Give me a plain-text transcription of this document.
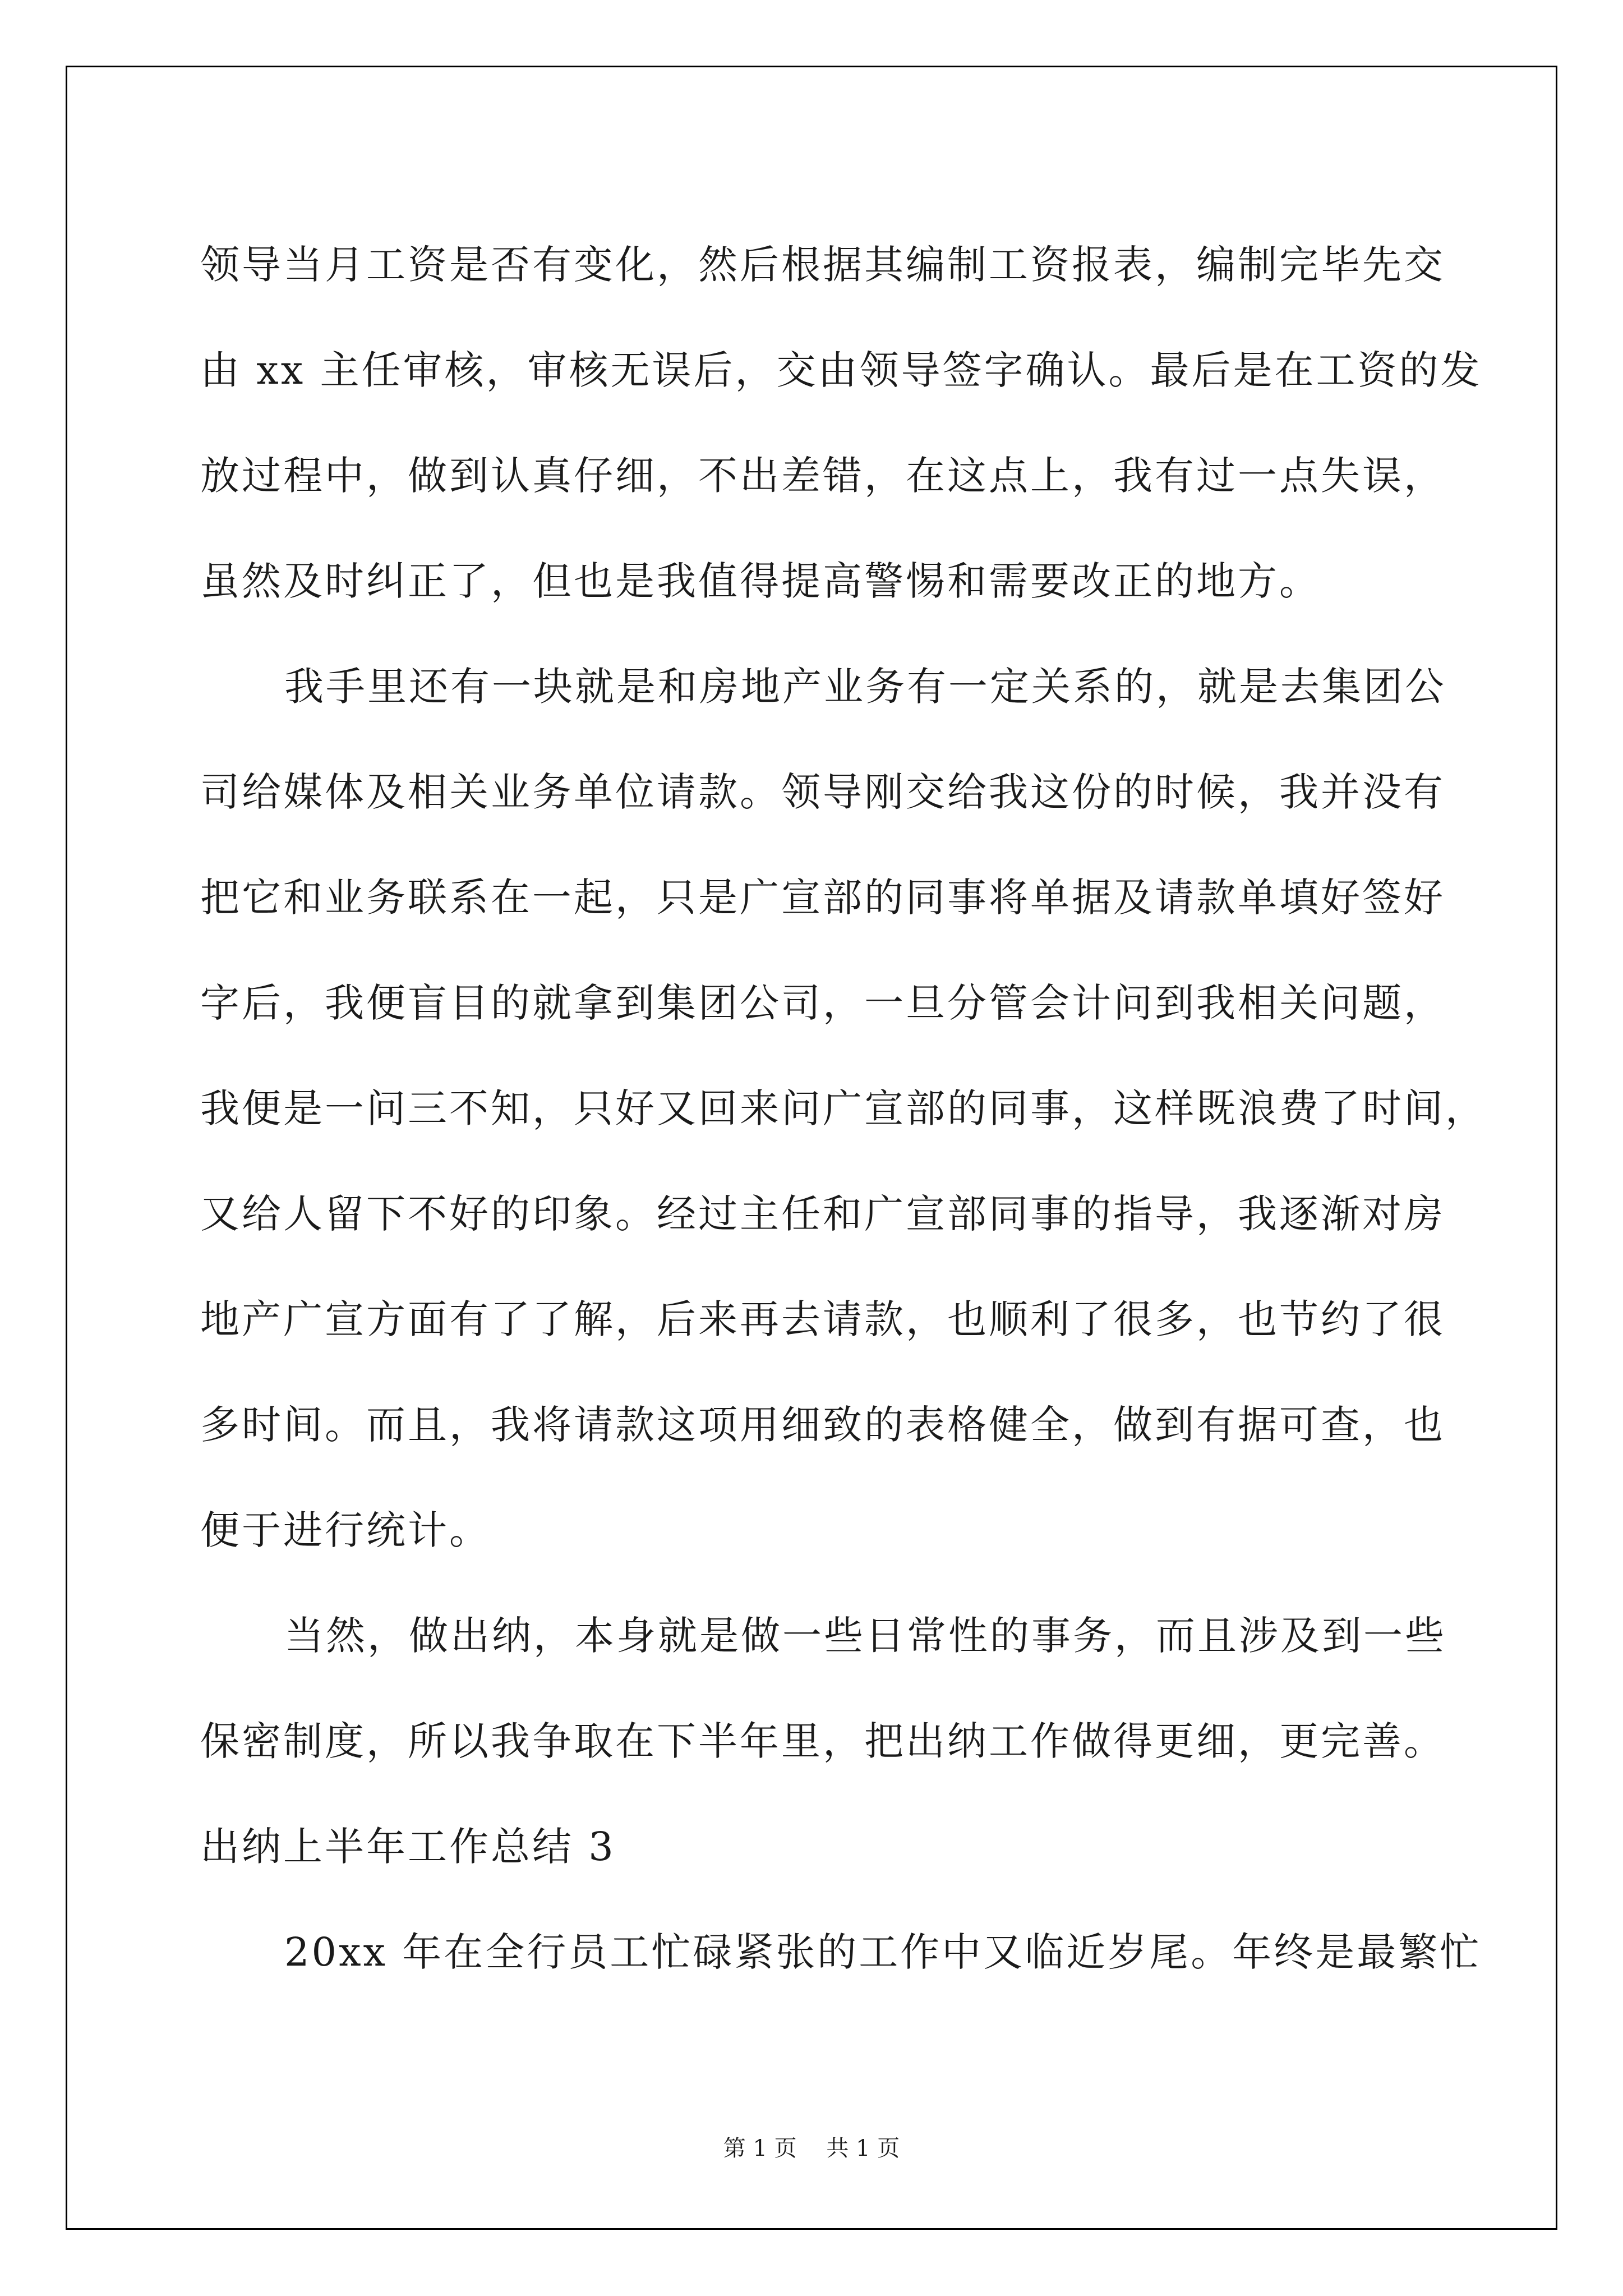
领导当月工资是否有变化，然后根据其编制工资报表，编制完毕先交
由 xx 主任审核，审核无误后，交由领导签字确认。最后是在工资的发
放过程中，做到认真仔细，不出差错，在这点上，我有过一点失误，
虽然及时纠正了，但也是我值得提高警惕和需要改正的地方。
我手里还有一块就是和房地产业务有一定关系的，就是去集团公
司给媒体及相关业务单位请款。领导刚交给我这份的时候，我并没有
把它和业务联系在一起，只是广宣部的同事将单据及请款单填好签好
字后，我便盲目的就拿到集团公司，一旦分管会计问到我相关问题，
我便是一问三不知，只好又回来问广宣部的同事，这样既浪费了时间，
又给人留下不好的印象。经过主任和广宣部同事的指导，我逐渐对房
地产广宣方面有了了解，后来再去请款，也顺利了很多，也节约了很
多时间。而且，我将请款这项用细致的表格健全，做到有据可查，也
便于进行统计。
当然，做出纳，本身就是做一些日常性的事务，而且涉及到一些
保密制度，所以我争取在下半年里，把出纳工作做得更细，更完善。
出纳上半年工作总结 3
20xx 年在全行员工忙碌紧张的工作中又临近岁尾。年终是最繁忙
第 1 页 共 1 页
